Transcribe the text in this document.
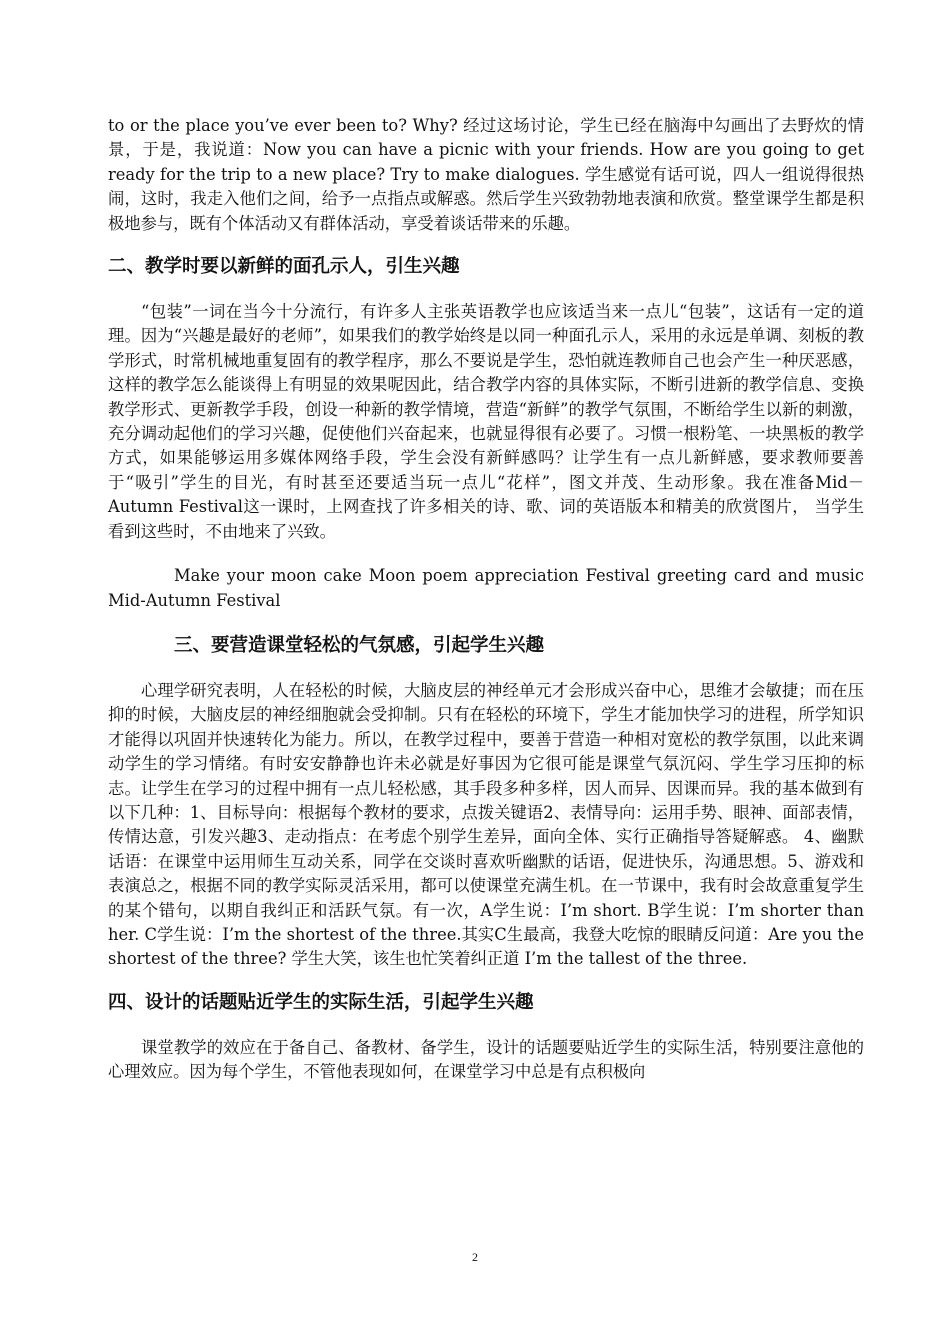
to or the place you’ve ever been to? Why? 经过这场讨论，学生已经在脑海中勾画出了去野炊的情景，于是，我说道：Now you can have a picnic with your friends. How are you going to get ready for the trip to a new place? Try to make dialogues. 学生感觉有话可说，四人一组说得很热闹，这时，我走入他们之间，给予一点指点或解惑。然后学生兴致勃勃地表演和欣赏。整堂课学生都是积极地参与，既有个体活动又有群体活动，享受着谈话带来的乐趣。

二、教学时要以新鲜的面孔示人，引生兴趣

“包装”一词在当今十分流行，有许多人主张英语教学也应该适当来一点儿“包装”，这话有一定的道理。因为“兴趣是最好的老师”，如果我们的教学始终是以同一种面孔示人，采用的永远是单调、刻板的教学形式，时常机械地重复固有的教学程序，那么不要说是学生，恐怕就连教师自己也会产生一种厌恶感，这样的教学怎么能谈得上有明显的效果呢因此，结合教学内容的具体实际，不断引进新的教学信息、变换教学形式、更新教学手段，创设一种新的教学情境，营造“新鲜”的教学气氛围，不断给学生以新的刺激，充分调动起他们的学习兴趣，促使他们兴奋起来，也就显得很有必要了。习惯一根粉笔、一块黑板的教学方式，如果能够运用多媒体网络手段，学生会没有新鲜感吗？让学生有一点儿新鲜感，要求教师要善于“吸引”学生的目光，有时甚至还要适当玩一点儿“花样”，图文并茂、生动形象。我在准备Mid－Autumn Festival这一课时，上网查找了许多相关的诗、歌、词的英语版本和精美的欣赏图片， 当学生看到这些时，不由地来了兴致。

Make your moon cake Moon poem appreciation Festival greeting card and music Mid-Autumn Festival

三、要营造课堂轻松的气氛感，引起学生兴趣

心理学研究表明，人在轻松的时候，大脑皮层的神经单元才会形成兴奋中心，思维才会敏捷；而在压抑的时候，大脑皮层的神经细胞就会受抑制。只有在轻松的环境下，学生才能加快学习的进程，所学知识才能得以巩固并快速转化为能力。所以，在教学过程中，要善于营造一种相对宽松的教学氛围，以此来调动学生的学习情绪。有时安安静静也许未必就是好事因为它很可能是课堂气氛沉闷、学生学习压抑的标志。让学生在学习的过程中拥有一点儿轻松感，其手段多种多样，因人而异、因课而异。我的基本做到有以下几种：1、目标导向：根据每个教材的要求，点拨关键语2、表情导向：运用手势、眼神、面部表情，传情达意，引发兴趣3、走动指点：在考虑个别学生差异，面向全体、实行正确指导答疑解惑。 4、幽默话语：在课堂中运用师生互动关系，同学在交谈时喜欢听幽默的话语，促进快乐，沟通思想。5、游戏和表演总之，根据不同的教学实际灵活采用，都可以使课堂充满生机。在一节课中，我有时会故意重复学生的某个错句，以期自我纠正和活跃气氛。有一次，A学生说：I’m short. B学生说：I’m shorter than her. C学生说：I’m the shortest of the three.其实C生最高，我登大吃惊的眼睛反问道：Are you the shortest of the three? 学生大笑，该生也忙笑着纠正道 I’m the tallest of the three.

四、设计的话题贴近学生的实际生活，引起学生兴趣

课堂教学的效应在于备自己、备教材、备学生，设计的话题要贴近学生的实际生活，特别要注意他的心理效应。因为每个学生，不管他表现如何，在课堂学习中总是有点积极向

2
